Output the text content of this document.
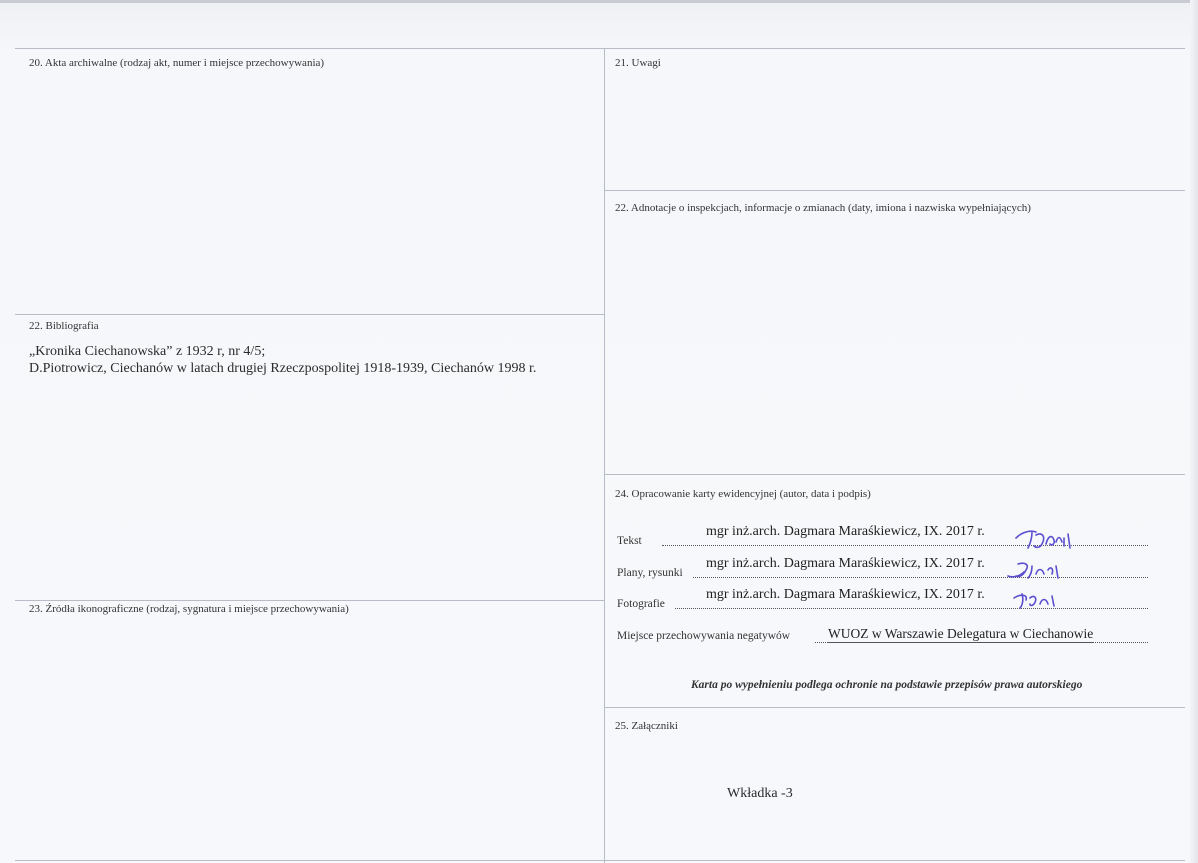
20. Akta archiwalne (rodzaj akt, numer i miejsce przechowywania)	21. Uwagi
22. Adnotacje o inspekcjach, informacje o zmianach (daty, imiona i nazwiska wypełniających)
22. Bibliografia
„Kronika Ciechanowska” z 1932 r, nr 4/5;
D.Piotrowicz, Ciechanów w latach drugiej Rzeczpospolitej 1918-1939, Ciechanów 1998 r.
23. Źródła ikonograficzne (rodzaj, sygnatura i miejsce przechowywania)
24. Opracowanie karty ewidencyjnej (autor, data i podpis)
Tekst
mgr inż.arch. Dagmara Maraśkiewicz, IX. 2017 r.
Plany, rysunki
mgr inż.arch. Dagmara Maraśkiewicz, IX. 2017 r.
Fotografie
mgr inż.arch. Dagmara Maraśkiewicz, IX. 2017 r.
Miejsce przechowywania negatywów	WUOZ w Warszawie Delegatura w Ciechanowie
Karta po wypełnieniu podlega ochronie na podstawie przepisów prawa autorskiego
25. Załączniki
Wkładka -3
